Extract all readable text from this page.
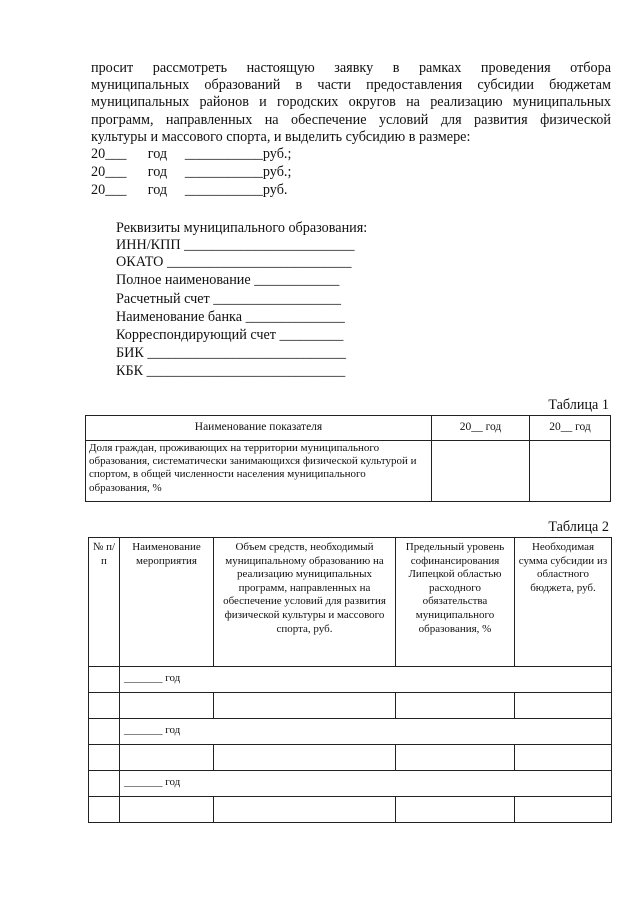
просит рассмотреть настоящую заявку в рамках проведения отбора
муниципальных образований в части предоставления субсидии бюджетам
муниципальных районов и городских округов на реализацию муниципальных
программ, направленных на обеспечение условий для развития физической
культуры и массового спорта, и выделить субсидию в размере:
20___      год     ___________руб.;
20___      год     ___________руб.;
20___      год     ___________руб.
Реквизиты муниципального образования:
ИНН/КПП ________________________
ОКАТО __________________________
Полное наименование ____________
Расчетный счет __________________
Наименование банка ______________
Корреспондирующий счет _________
БИК ____________________________
КБК ____________________________
Таблица 1
Наименование показателя	20__ год	20__ год
Доля граждан, проживающих на территории муниципального образования, систематически занимающихся физической культурой и спортом, в общей численности населения муниципального образования, %		
Таблица 2
№ п/п	Наименование мероприятия	Объем средств, необходимый муниципальному образованию на реализацию муниципальных программ, направленных на обеспечение условий для развития физической культуры и массового спорта, руб.	Предельный уровень софинансирования Липецкой областью расходного обязательства муниципального образования, %	Необходимая сумма субсидии из областного бюджета, руб.
	_______ год			

	_______ год			

	_______ год			
